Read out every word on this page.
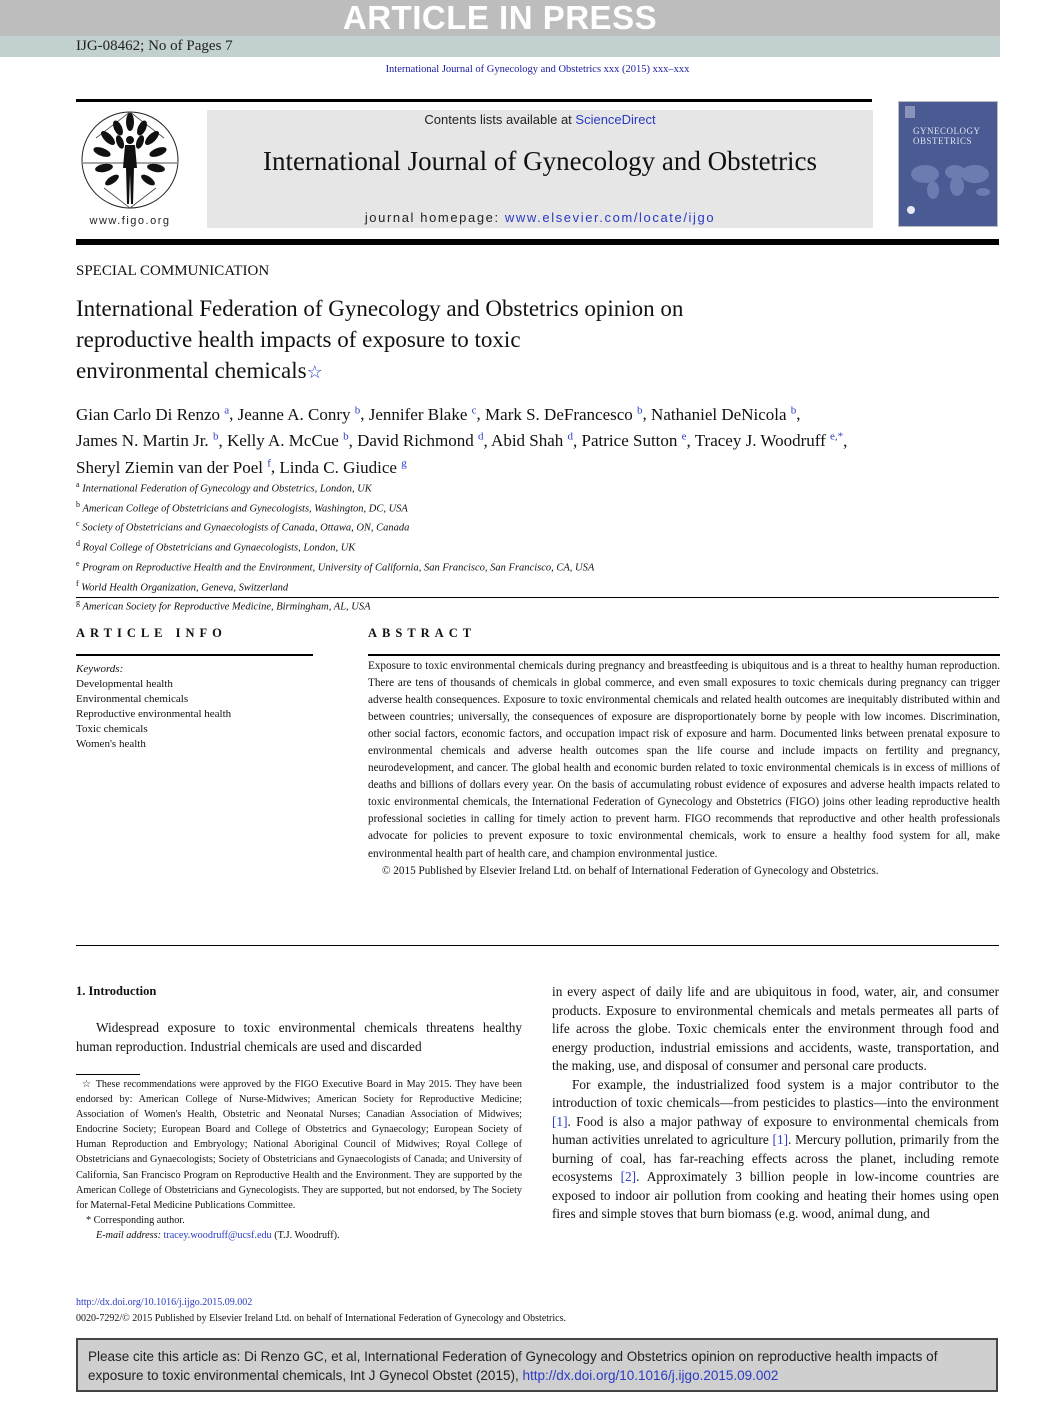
ARTICLE IN PRESS
IJG-08462; No of Pages 7
International Journal of Gynecology and Obstetrics xxx (2015) xxx–xxx
www.figo.org
Contents lists available at ScienceDirect
International Journal of Gynecology and Obstetrics
journal homepage: www.elsevier.com/locate/ijgo
GYNECOLOGY OBSTETRICS
SPECIAL COMMUNICATION
International Federation of Gynecology and Obstetrics opinion on
reproductive health impacts of exposure to toxic
environmental chemicals☆
Gian Carlo Di Renzo $^a$, Jeanne A. Conry $^b$, Jennifer Blake $^c$, Mark S. DeFrancesco $^b$, Nathaniel DeNicola $^b$,
James N. Martin Jr. $^b$, Kelly A. McCue $^b$, David Richmond $^d$, Abid Shah $^d$, Patrice Sutton $^e$, Tracey J. Woodruff $^{e,*}$,
Sheryl Ziemin van der Poel $^f$, Linda C. Giudice $^g$
$^a$ International Federation of Gynecology and Obstetrics, London, UK
$^b$ American College of Obstetricians and Gynecologists, Washington, DC, USA
$^c$ Society of Obstetricians and Gynaecologists of Canada, Ottawa, ON, Canada
$^d$ Royal College of Obstetricians and Gynaecologists, London, UK
$^e$ Program on Reproductive Health and the Environment, University of California, San Francisco, San Francisco, CA, USA
$^f$ World Health Organization, Geneva, Switzerland
$^g$ American Society for Reproductive Medicine, Birmingham, AL, USA
ARTICLE INFO
Keywords:
Developmental health
Environmental chemicals
Reproductive environmental health
Toxic chemicals
Women's health
ABSTRACT

Exposure to toxic environmental chemicals during pregnancy and breastfeeding is ubiquitous and is a threat to healthy human reproduction. There are tens of thousands of chemicals in global commerce, and even small exposures to toxic chemicals during pregnancy can trigger adverse health consequences. Exposure to toxic environmental chemicals and related health outcomes are inequitably distributed within and between countries; universally, the consequences of exposure are disproportionately borne by people with low incomes. Discrimination, other social factors, economic factors, and occupation impact risk of exposure and harm. Documented links between prenatal exposure to environmental chemicals and adverse health outcomes span the life course and include impacts on fertility and pregnancy, neurodevelopment, and cancer. The global health and economic burden related to toxic environmental chemicals is in excess of millions of deaths and billions of dollars every year. On the basis of accumulating robust evidence of exposures and adverse health impacts related to toxic environmental chemicals, the International Federation of Gynecology and Obstetrics (FIGO) joins other leading reproductive health professional societies in calling for timely action to prevent harm. FIGO recommends that reproductive and other health professionals advocate for policies to prevent exposure to toxic environmental chemicals, work to ensure a healthy food system for all, make environmental health part of health care, and champion environmental justice.

© 2015 Published by Elsevier Ireland Ltd. on behalf of International Federation of Gynecology and Obstetrics.

1. Introduction

Widespread exposure to toxic environmental chemicals threatens healthy human reproduction. Industrial chemicals are used and discarded

☆ These recommendations were approved by the FIGO Executive Board in May 2015. They have been endorsed by: American College of Nurse-Midwives; American Society for Reproductive Medicine; Association of Women's Health, Obstetric and Neonatal Nurses; Canadian Association of Midwives; Endocrine Society; European Board and College of Obstetrics and Gynaecology; European Society of Human Reproduction and Embryology; National Aboriginal Council of Midwives; Royal College of Obstetricians and Gynaecologists; Society of Obstetricians and Gynaecologists of Canada; and University of California, San Francisco Program on Reproductive Health and the Environment. They are supported by the American College of Obstetricians and Gynecologists. They are supported, but not endorsed, by The Society for Maternal-Fetal Medicine Publications Committee.

* Corresponding author.

E-mail address: tracey.woodruff@ucsf.edu (T.J. Woodruff).

in every aspect of daily life and are ubiquitous in food, water, air, and consumer products. Exposure to environmental chemicals and metals permeates all parts of life across the globe. Toxic chemicals enter the environment through food and energy production, industrial emissions and accidents, waste, transportation, and the making, use, and disposal of consumer and personal care products.

For example, the industrialized food system is a major contributor to the introduction of toxic chemicals—from pesticides to plastics—into the environment [1]. Food is also a major pathway of exposure to environmental chemicals from human activities unrelated to agriculture [1]. Mercury pollution, primarily from the burning of coal, has far-reaching effects across the planet, including remote ecosystems [2]. Approximately 3 billion people in low-income countries are exposed to indoor air pollution from cooking and heating their homes using open fires and simple stoves that burn biomass (e.g. wood, animal dung, and

http://dx.doi.org/10.1016/j.ijgo.2015.09.002
0020-7292/© 2015 Published by Elsevier Ireland Ltd. on behalf of International Federation of Gynecology and Obstetrics.
Please cite this article as: Di Renzo GC, et al, International Federation of Gynecology and Obstetrics opinion on reproductive health impacts of exposure to toxic environmental chemicals, Int J Gynecol Obstet (2015), http://dx.doi.org/10.1016/j.ijgo.2015.09.002
